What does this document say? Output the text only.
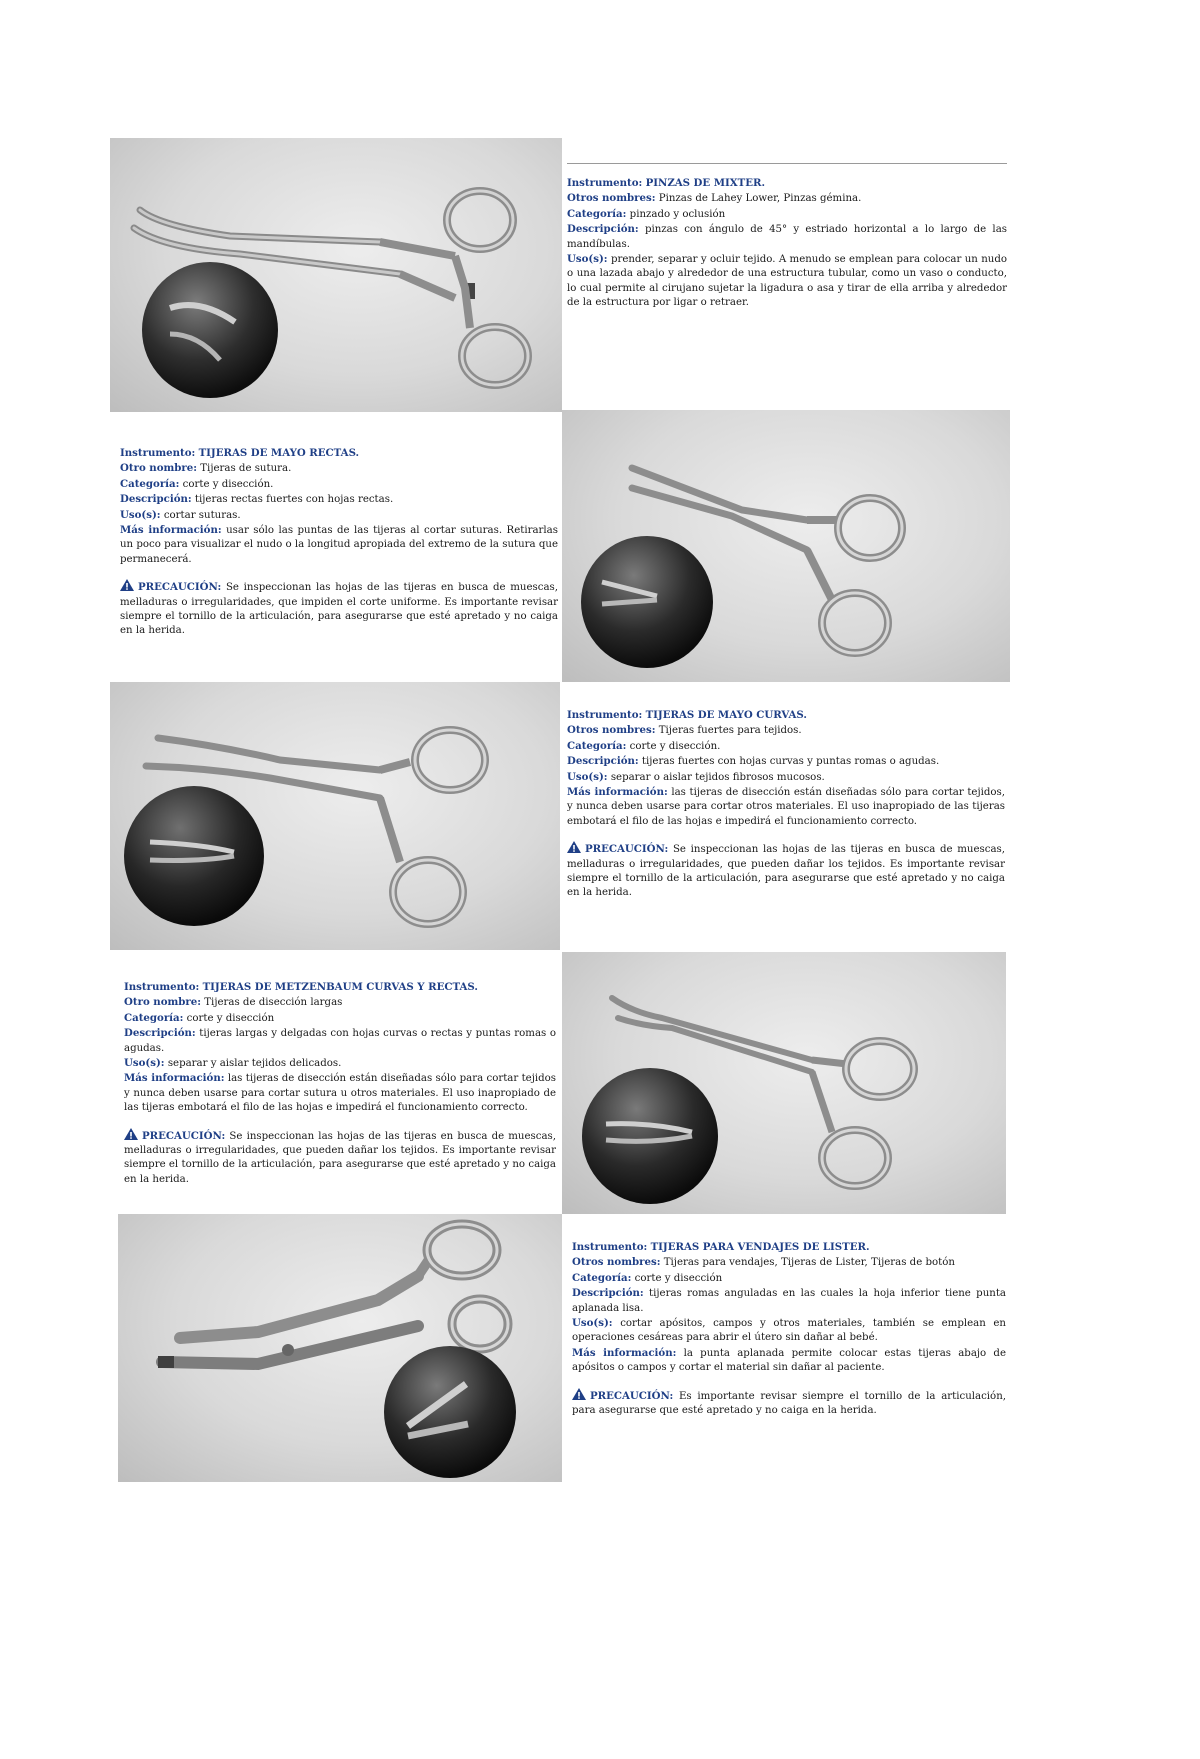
Instrumento: PINZAS DE MIXTER.

Otros nombres: Pinzas de Lahey Lower, Pinzas gémina.

Categoría: pinzado y oclusión

Descripción: pinzas con ángulo de 45° y estriado horizontal a lo largo de las mandíbulas.

Uso(s): prender, separar y ocluir tejido. A menudo se emplean para colocar un nudo o una lazada abajo y alrededor de una estructura tubular, como un vaso o conducto, lo cual permite al cirujano sujetar la ligadura o asa y tirar de ella arriba y alrededor de la estructura por ligar o retraer.

Instrumento: TIJERAS DE MAYO RECTAS.

Otro nombre: Tijeras de sutura.

Categoría: corte y disección.

Descripción: tijeras rectas fuertes con hojas rectas.

Uso(s): cortar suturas.

Más información: usar sólo las puntas de las tijeras al cortar suturas. Retirarlas un poco para visualizar el nudo o la longitud apropiada del extremo de la sutura que permanecerá.

PRECAUCIÓN: Se inspeccionan las hojas de las tijeras en busca de muescas, melladuras o irregularidades, que impiden el corte uniforme. Es importante revisar siempre el tornillo de la articulación, para asegurarse que esté apretado y no caiga en la herida.

Instrumento: TIJERAS DE MAYO CURVAS.

Otros nombres: Tijeras fuertes para tejidos.

Categoría: corte y disección.

Descripción: tijeras fuertes con hojas curvas y puntas romas o agudas.

Uso(s): separar o aislar tejidos fibrosos mucosos.

Más información: las tijeras de disección están diseñadas sólo para cortar tejidos, y nunca deben usarse para cortar otros materiales. El uso inapropiado de las tijeras embotará el filo de las hojas e impedirá el funcionamiento correcto.

PRECAUCIÓN: Se inspeccionan las hojas de las tijeras en busca de muescas, melladuras o irregularidades, que pueden dañar los tejidos. Es importante revisar siempre el tornillo de la articulación, para asegurarse que esté apretado y no caiga en la herida.

Instrumento: TIJERAS DE METZENBAUM CURVAS Y RECTAS.

Otro nombre: Tijeras de disección largas

Categoría: corte y disección

Descripción: tijeras largas y delgadas con hojas curvas o rectas y puntas romas o agudas.

Uso(s): separar y aislar tejidos delicados.

Más información: las tijeras de disección están diseñadas sólo para cortar tejidos y nunca deben usarse para cortar sutura u otros materiales. El uso inapropiado de las tijeras embotará el filo de las hojas e impedirá el funcionamiento correcto.

PRECAUCIÓN: Se inspeccionan las hojas de las tijeras en busca de muescas, melladuras o irregularidades, que pueden dañar los tejidos. Es importante revisar siempre el tornillo de la articulación, para asegurarse que esté apretado y no caiga en la herida.

Instrumento: TIJERAS PARA VENDAJES DE LISTER.

Otros nombres: Tijeras para vendajes, Tijeras de Lister, Tijeras de botón

Categoría: corte y disección

Descripción: tijeras romas anguladas en las cuales la hoja inferior tiene punta aplanada lisa.

Uso(s): cortar apósitos, campos y otros materiales, también se emplean en operaciones cesáreas para abrir el útero sin dañar al bebé.

Más información: la punta aplanada permite colocar estas tijeras abajo de apósitos o campos y cortar el material sin dañar al paciente.

PRECAUCIÓN: Es importante revisar siempre el tornillo de la articulación, para asegurarse que esté apretado y no caiga en la herida.
